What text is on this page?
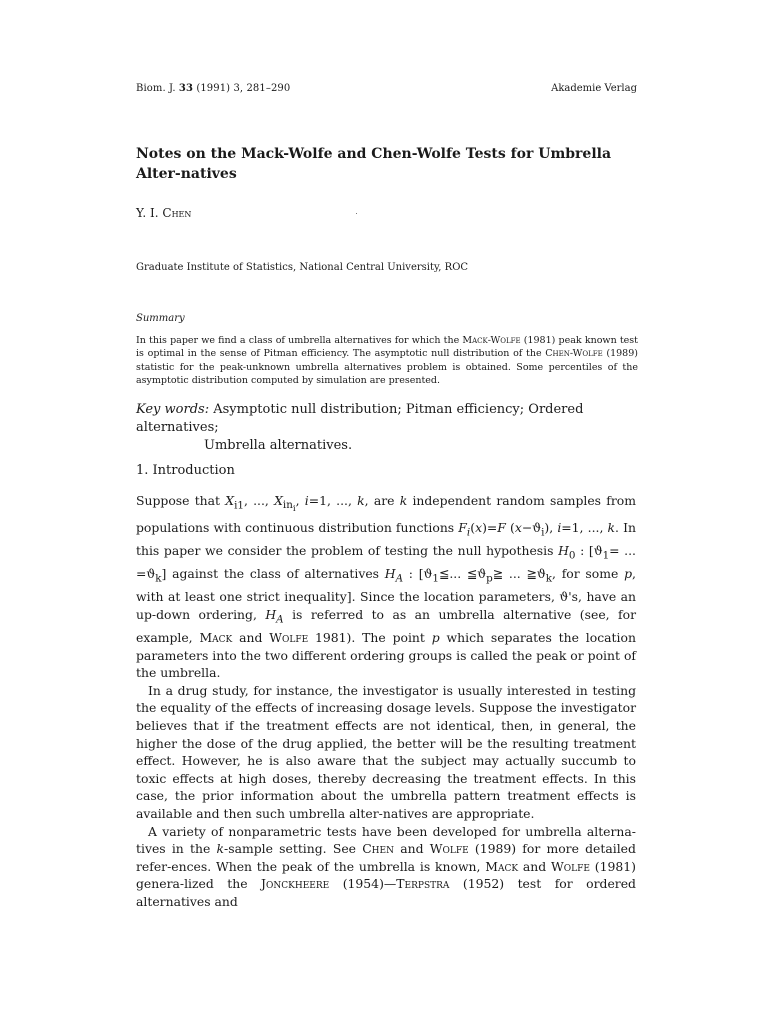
Biom. J. 33 (1991) 3, 281–290	Akademie Verlag
Notes on the Mack-Wolfe and Chen-Wolfe Tests for Umbrella Alter-natives
Y. I. Chen
Graduate Institute of Statistics, National Central University, ROC
Summary

In this paper we find a class of umbrella alternatives for which the Mack-Wolfe (1981) peak known test is optimal in the sense of Pitman efficiency. The asymptotic null distribution of the Chen-Wolfe (1989) statistic for the peak-unknown umbrella alternatives problem is obtained. Some percentiles of the asymptotic distribution computed by simulation are presented.

Key words: Asymptotic null distribution; Pitman efficiency; Ordered alternatives;
Umbrella alternatives.
1. Introduction

Suppose that $X_{i1}$, ..., $X_{in_i}$, i=1, ..., k, are k independent random samples from populations with continuous distribution functions $F_i(x)=F$ $(x-ϑ_i)$, i=1, ..., k. In this paper we consider the problem of testing the null hypothesis $H_0$ : [$ϑ_1=$ ... $=ϑ_k$] against the class of alternatives $H_A$ : [$ϑ_1≦$... $≦ϑ_p≧$ ... $≧ϑ_k$, for some p, with at least one strict inequality]. Since the location parameters, ϑ's, have an up-down ordering, $H_A$ is referred to as an umbrella alternative (see, for example, Mack and Wolfe 1981). The point p which separates the location parameters into the two different ordering groups is called the peak or point of the umbrella.

In a drug study, for instance, the investigator is usually interested in testing the equality of the effects of increasing dosage levels. Suppose the investigator believes that if the treatment effects are not identical, then, in general, the higher the dose of the drug applied, the better will be the resulting treatment effect. However, he is also aware that the subject may actually succumb to toxic effects at high doses, thereby decreasing the treatment effects. In this case, the prior information about the umbrella pattern treatment effects is available and then such umbrella alter-natives are appropriate.

A variety of nonparametric tests have been developed for umbrella alterna-tives in the k-sample setting. See Chen and Wolfe (1989) for more detailed refer-ences. When the peak of the umbrella is known, Mack and Wolfe (1981) genera-lized the Jonckheere (1954)—Terpstra (1952) test for ordered alternatives and
